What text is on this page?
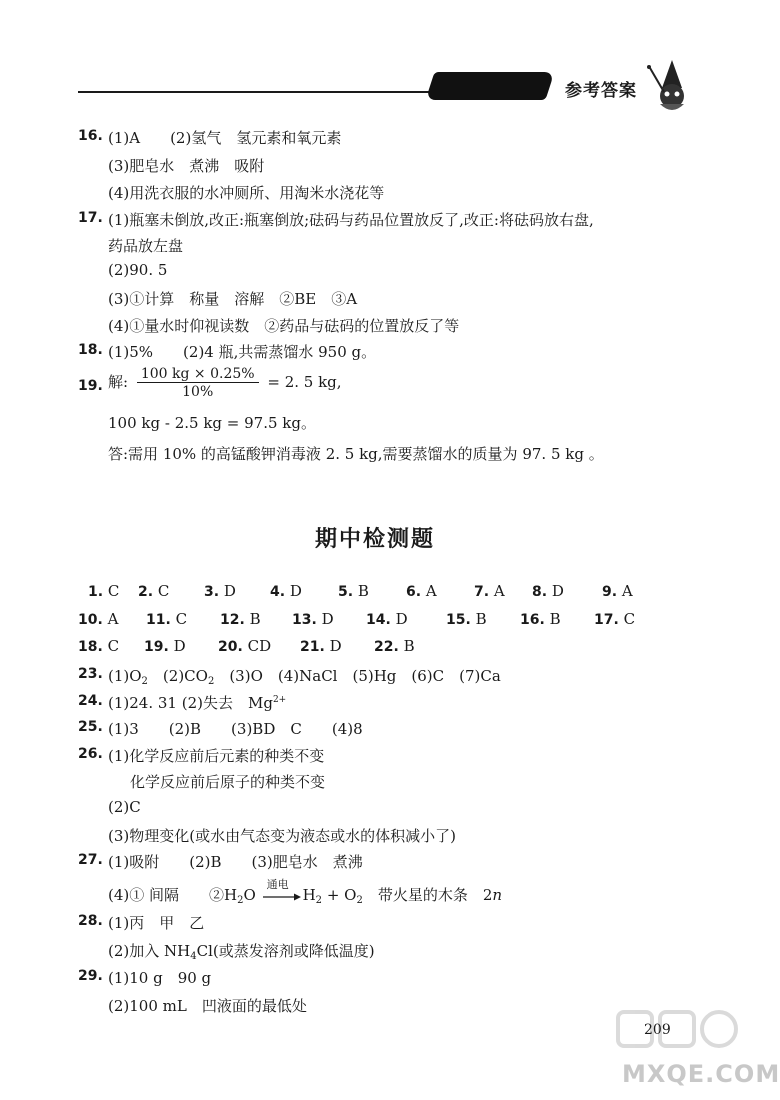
参考答案
16. (1)A　　(2)氢气　氢元素和氧元素
(3)肥皂水　煮沸　吸附
(4)用洗衣服的水冲厕所、用淘米水浇花等
17. (1)瓶塞未倒放,改正:瓶塞倒放;砝码与药品位置放反了,改正:将砝码放右盘,
药品放左盘
(2)90. 5
(3)①计算　称量　溶解　②BE　③A
(4)①量水时仰视读数　②药品与砝码的位置放反了等
18. (1)5%　　(2)4 瓶,共需蒸馏水 950 g。
19. 解: $\frac{100 kg \times 0.25\%}{10\%} = 2$. 5 kg,
100 kg - 2.5 kg = 97.5 kg。
答:需用 10% 的高锰酸钾消毒液 2. 5 kg,需要蒸馏水的质量为 97. 5 kg 。
期中检测题
1. C 2. C 3. D 4. D	5. B	6. A	7. A 8. D	9. A
10. A 11. C 12. B 13. D 14. D	15. B 16. B 17. C
18. C 19. D 20. CD 21. D 22. B
23. $(1)O_2$　$(2)CO_2$　(3)O　(4)NaCl　(5)Hg　(6)C　(7)Ca
24. (1)24. 31 (2)失去　$Mg^{2+}$
25. (1)3　　(2)B　　(3)BD　C　　(4)8
26. (1)化学反应前后元素的种类不变
化学反应前后原子的种类不变
(2)C
(3)物理变化(或水由气态变为液态或水的体积减小了)
27. (1)吸附　　(2)B　　(3)肥皂水　煮沸
(4)① 间隔　　$②H_2O$
通电
$H_2 + O_2$　带火星的木条　2n
28. (1)丙　甲　乙
(2)加入 $NH_4Cl$(或蒸发溶剂或降低温度)
29. (1)10 g　90 g
(2)100 mL　凹液面的最低处
209
MXQE.COM
